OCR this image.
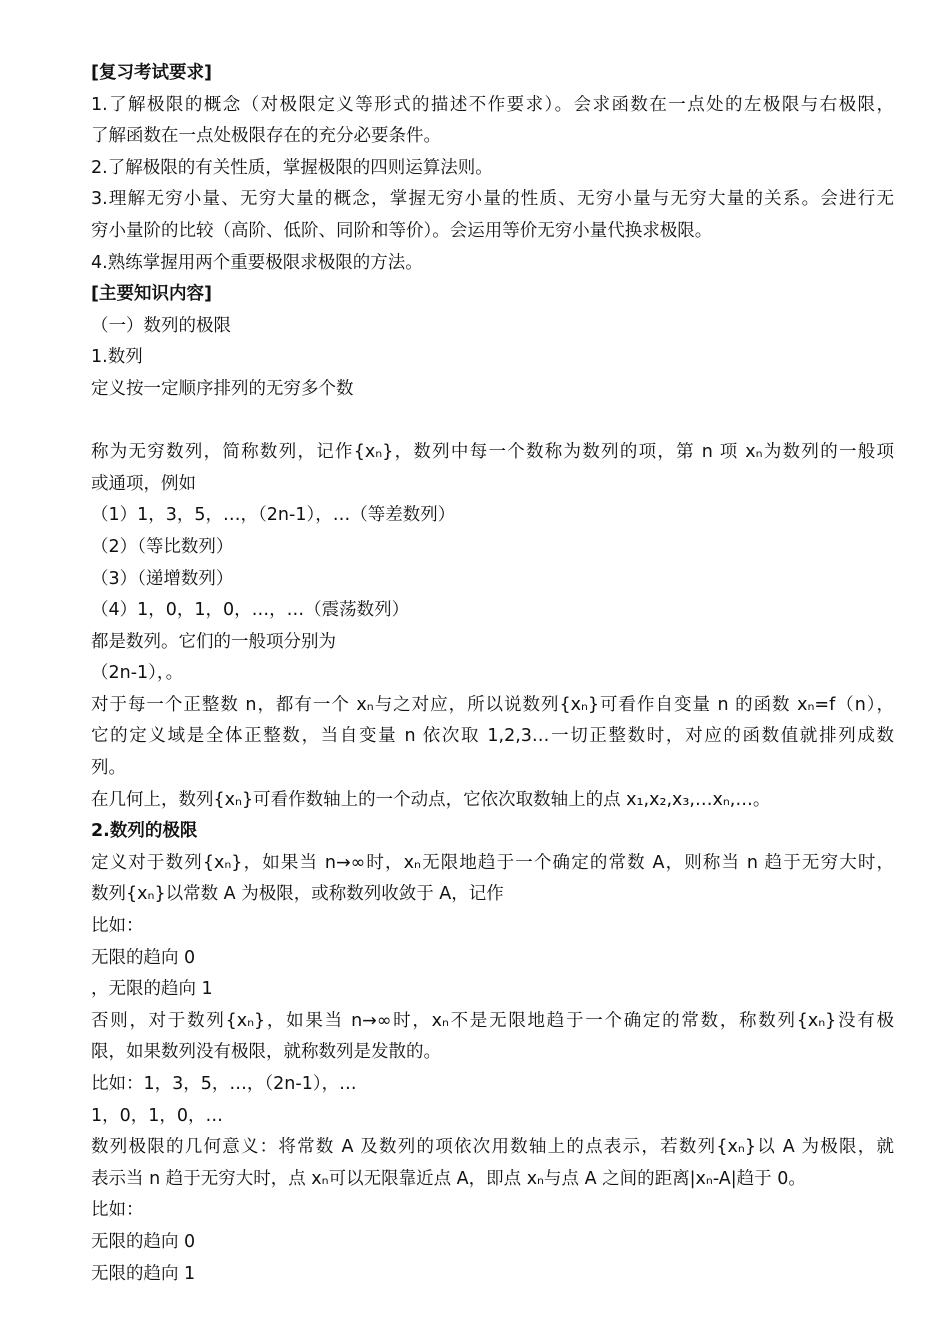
[复习考试要求]
1.了解极限的概念（对极限定义等形式的描述不作要求）。会求函数在一点处的左极限与右极限，
了解函数在一点处极限存在的充分必要条件。
2.了解极限的有关性质，掌握极限的四则运算法则。
3.理解无穷小量、无穷大量的概念，掌握无穷小量的性质、无穷小量与无穷大量的关系。会进行无
穷小量阶的比较（高阶、低阶、同阶和等价）。会运用等价无穷小量代换求极限。
4.熟练掌握用两个重要极限求极限的方法。
[主要知识内容]
（一）数列的极限
1.数列
定义按一定顺序排列的无穷多个数
称为无穷数列，简称数列，记作{xₙ}，数列中每一个数称为数列的项，第 n 项 xₙ为数列的一般项
或通项，例如
（1）1，3，5，…，（2n-1），…（等差数列）
（2）（等比数列）
（3）（递增数列）
（4）1，0，1，0，…，…（震荡数列）
都是数列。它们的一般项分别为
（2n-1），。
对于每一个正整数 n，都有一个 xₙ与之对应，所以说数列{xₙ}可看作自变量 n 的函数 xₙ=f（n），
它的定义域是全体正整数，当自变量 n 依次取 1,2,3…一切正整数时，对应的函数值就排列成数
列。
在几何上，数列{xₙ}可看作数轴上的一个动点，它依次取数轴上的点 x₁,x₂,x₃,…xₙ,…。
2.数列的极限
定义对于数列{xₙ}，如果当 n→∞时，xₙ无限地趋于一个确定的常数 A，则称当 n 趋于无穷大时，
数列{xₙ}以常数 A 为极限，或称数列收敛于 A，记作
比如：
无限的趋向 0
，无限的趋向 1
否则，对于数列{xₙ}，如果当 n→∞时，xₙ不是无限地趋于一个确定的常数，称数列{xₙ}没有极
限，如果数列没有极限，就称数列是发散的。
比如：1，3，5，…，（2n-1），…
1，0，1，0，…
数列极限的几何意义：将常数 A 及数列的项依次用数轴上的点表示，若数列{xₙ}以 A 为极限，就
表示当 n 趋于无穷大时，点 xₙ可以无限靠近点 A，即点 xₙ与点 A 之间的距离|xₙ-A|趋于 0。
比如：
无限的趋向 0
无限的趋向 1
